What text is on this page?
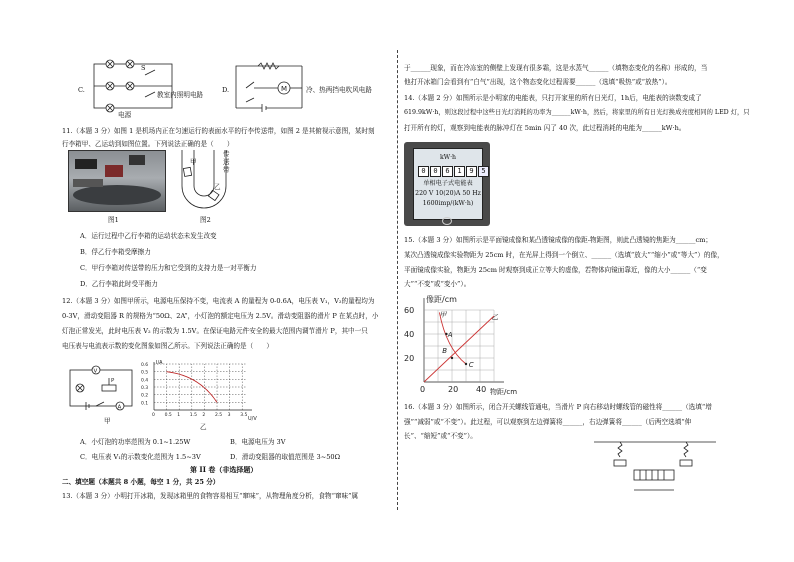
C.
S
教室内照明电路
电源
M
D.	冷、热两挡电吹风电路
11.（本题 3 分）如图 1 是机场内正在匀速运行的表面水平的行李传送带，如图 2 是其俯视示意图，某时刻
行李箱甲、乙运动到如图位置。下列说法正确的是（　　）
图1
甲
乙
传送带
图2
A．运行过程中乙行李箱的运动状态未发生改变
B．俘乙行李箱受摩擦力
C．甲行李箱对传送带的压力和它受到的支持力是一对平衡力
D．乙行李箱此时受平衡力
12.（本题 3 分）如图甲所示，电源电压保持不变，电流表 A 的量程为 0-0.6A，电压表 V₁，V₂的量程均为
0-3V，滑动变阻器 R 的规格为“50Ω、2A”，小灯泡的额定电压为 2.5V。滑动变阻器的滑片 P 在某点时，小
灯泡正常发光，此时电压表 V₂ 的示数为 1.5V。在保证电路元件安全的最大范围内调节滑片 P，其中一只
电压表与电流表示数的变化图象如图乙所示。下列说法正确的是（　　）
V
A
P
甲
0.6
0.5
0.4
0.3
0.2
0.1
0 0.5 1 1.5 2 2.5 3 3.5
I/A
U/V
乙
A．小灯泡的功率范围为 0.1~1.25W	B．电源电压为 3V
C．电压表 V₁的示数变化范围为 1.5~3V	D．滑动变阻器的取值范围是 3~50Ω
第 II 卷（非选择题）
二、填空题（本题共 8 小题，每空 1 分，共 25 分）
13.（本题 3 分）小明打开冰箱，发现冰箱里的食物容易相互“窜味”，从物理角度分析，食物“窜味”属
于______现象，而在冷冻室的侧壁上发现有很多霜，这是水蒸气______（填物态变化的名称）形成的，当
他打开冰箱门会看到有“白气”出现，这个物态变化过程需要______（选填“吸热”或“放热”）。
14.（本题 2 分）如图所示是小明家的电能表，只打开家里的所有日光灯，1h后，电能表的读数变成了
619.9kW·h，则这段过程中这些日光灯消耗的功率为______kW·h，然后，将家里的所有日光灯换成亮度相同的 LED 灯，只
打开所有的灯，观察到电能表的脉冲灯在 5min 闪了 40 次，此过程消耗的电能为______kW·h。
kW·h
0	0	6	1	9	5
单相电子式电能表
220 V 10(20)A 50 Hz
1600imp/(kW·h)
15.（本题 3 分）如图所示是平面镜成像和某凸透镜成像的像距-物距图，则此凸透镜的焦距为______cm；
某次凸透镜成像实验物距为 25cm 时，在光屏上得到一个倒立、______（选填“放大”“缩小”或“等大”）的像，
平面镜成像实验，物距为 25cm 时观察到成正立等大的虚像，若物体向镜面靠近，像的大小______（“变
大”“不变”或“变小”）。
60
40
20
0	20 40
像距/cm
物距/cm
甲	乙
A
B
C
16.（本题 3 分）如图所示，闭合开关螺线管通电，当滑片 P 向右移动时螺线管的磁性将______（选填“增
强”“减弱”或“不变”）。此过程，可以观察到左边弹簧将______，右边弹簧将______（后两空选填“伸
长”、“缩短”或“不变”）。
